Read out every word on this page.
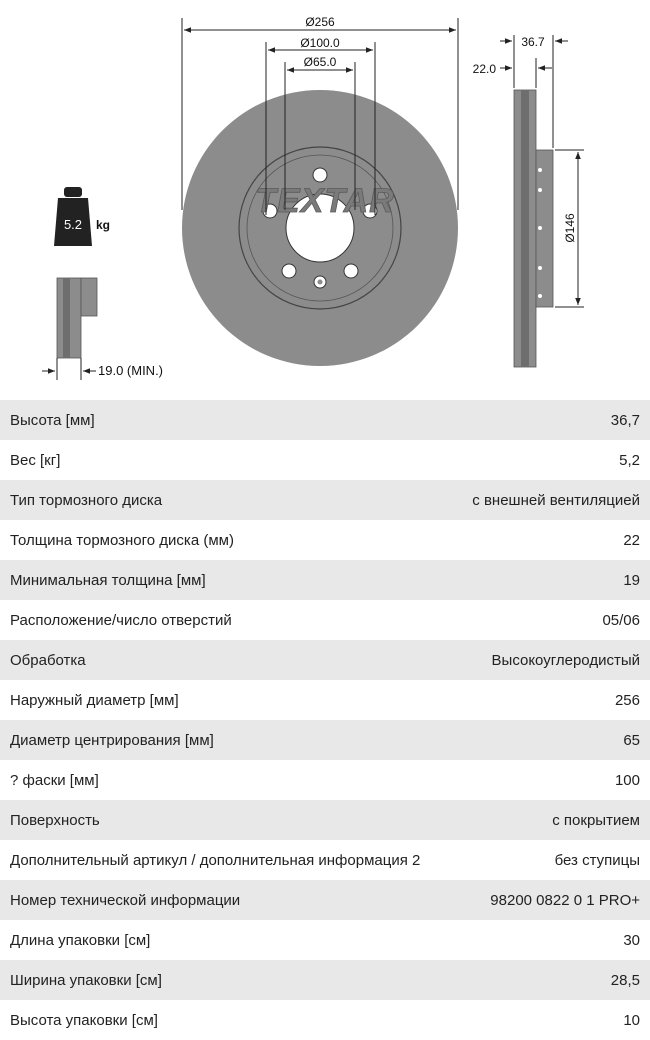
TEXTAR
Ø256
Ø100.0
Ø65.0
36.7
22.0
Ø146
5.2 kg
19.0 (MIN.)
Высота [мм]	36,7
Вес [кг]	5,2
Тип тормозного диска	с внешней вентиляцией
Толщина тормозного диска (мм)	22
Минимальная толщина [мм]	19
Расположение/число отверстий	05/06
Обработка	Высокоуглеродистый
Наружный диаметр [мм]	256
Диаметр центрирования [мм]	65
? фаски [мм]	100
Поверхность	с покрытием
Дополнительный артикул / дополнительная информация 2	без ступицы
Номер технической информации	98200 0822 0 1 PRO+
Длина упаковки [см]	30
Ширина упаковки [см]	28,5
Высота упаковки [см]	10
